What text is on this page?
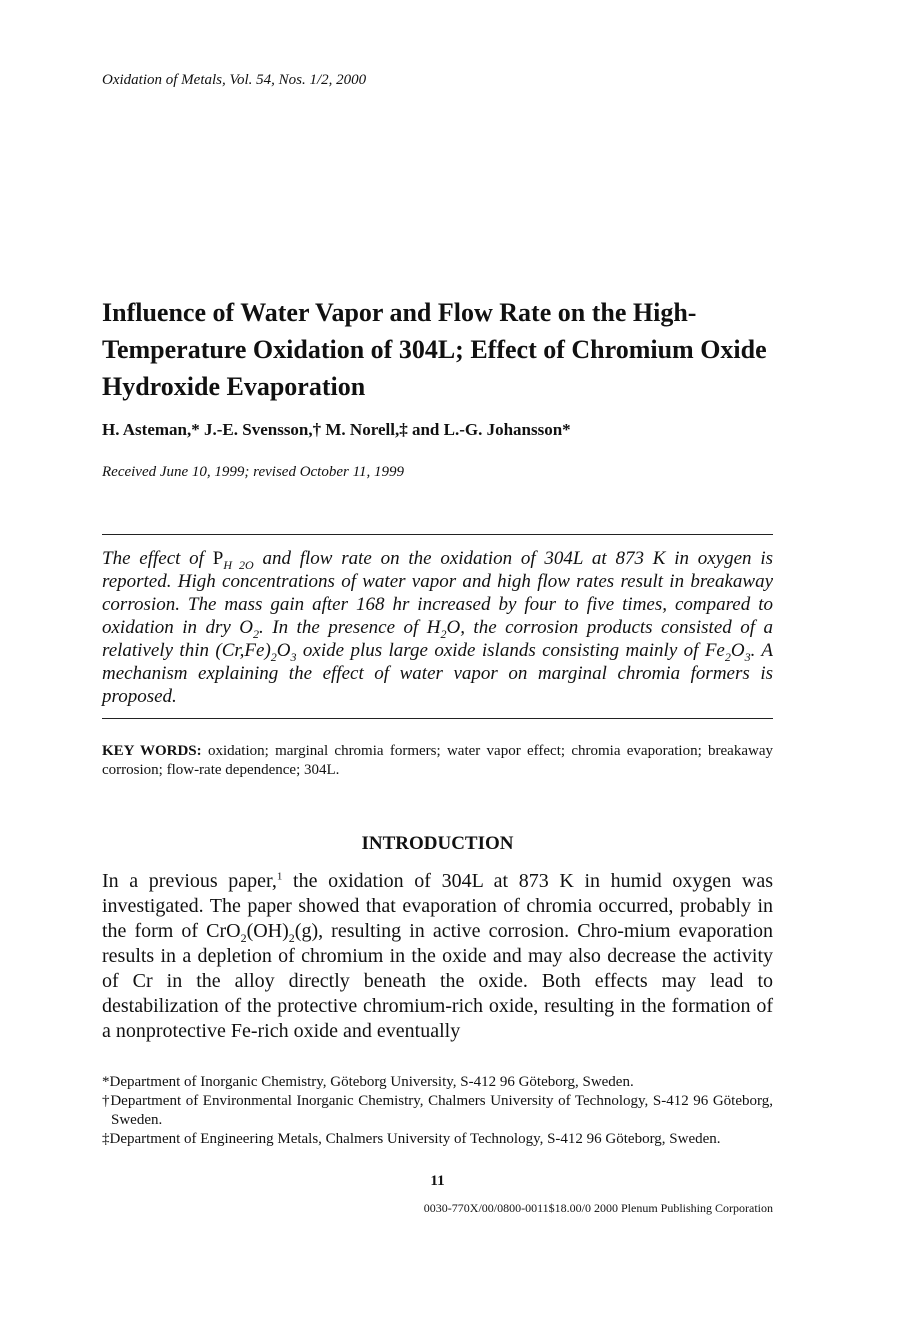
Oxidation of Metals, Vol. 54, Nos. 1/2, 2000
Influence of Water Vapor and Flow Rate on the High-Temperature Oxidation of 304L; Effect of Chromium Oxide Hydroxide Evaporation
H. Asteman,* J.-E. Svensson,† M. Norell,‡ and L.-G. Johansson*
Received June 10, 1999; revised October 11, 1999

The effect of $P_{H 2O}$ and flow rate on the oxidation of 304L at 873 K in oxygen is reported. High concentrations of water vapor and high flow rates result in breakaway corrosion. The mass gain after 168 hr increased by four to five times, compared to oxidation in dry $O_2$. In the presence of $H_2O$, the corrosion products consisted of a relatively thin $(Cr,Fe)_2O_3$ oxide plus large oxide islands consisting mainly of $Fe_2O_3$. A mechanism explaining the effect of water vapor on marginal chromia formers is proposed.

KEY WORDS: oxidation; marginal chromia formers; water vapor effect; chromia evaporation; breakaway corrosion; flow-rate dependence; 304L.

INTRODUCTION

In a previous paper,$^1$ the oxidation of 304L at 873 K in humid oxygen was investigated. The paper showed that evaporation of chromia occurred, probably in the form of $CrO_2(OH)_2(g)$, resulting in active corrosion. Chro-mium evaporation results in a depletion of chromium in the oxide and may also decrease the activity of Cr in the alloy directly beneath the oxide. Both effects may lead to destabilization of the protective chromium-rich oxide, resulting in the formation of a nonprotective Fe-rich oxide and eventually

*Department of Inorganic Chemistry, Göteborg University, S-412 96 Göteborg, Sweden.

†Department of Environmental Inorganic Chemistry, Chalmers University of Technology, S-412 96 Göteborg, Sweden.

‡Department of Engineering Metals, Chalmers University of Technology, S-412 96 Göteborg, Sweden.

11
0030-770X/00/0800-0011$18.00/0 2000 Plenum Publishing Corporation
